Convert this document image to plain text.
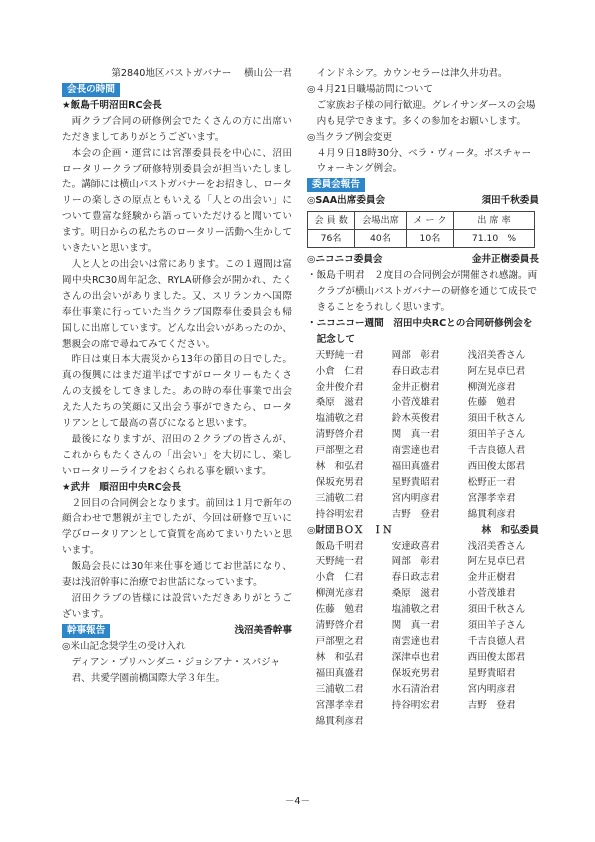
第2840地区パストガバナー　 横山公一君

会長の時間

★飯島千明沼田RC会長

両クラブ合同の研修例会でたくさんの方に出席いただきましてありがとうございます。

本会の企画・運営には宮澤委員長を中心に、沼田ロータリークラブ研修特別委員会が担当いたしました。講師には横山パストガバナーをお招きし、ロータリーの楽しさの原点ともいえる「人との出会い」について豊富な経験から語っていただけると聞いています。明日からの私たちのロータリー活動へ生かしていきたいと思います。

人と人との出会いは常にあります。この１週間は富岡中央RC30周年記念、RYLA研修会が開かれ、たくさんの出会いがありました。又、スリランカへ国際奉仕事業に行っていた当クラブ国際奉仕委員会も帰国しに出席しています。どんな出会いがあったのか、懇親会の席で尋ねてみてください。

昨日は東日本大震災から13年の節目の日でした。真の復興にはまだ道半ばですがロータリーもたくさんの支援をしてきました。あの時の奉仕事業で出会えた人たちの笑顔に又出会う事ができたら、ロータリアンとして最高の喜びになると思います。

最後になりますが、沼田の２クラブの皆さんが、これからもたくさんの「出会い」を大切にし、楽しいロータリーライフをおくられる事を願います。

★武井　順沼田中央RC会長

２回目の合同例会となります。前回は１月で新年の顔合わせで懇親が主でしたが、今回は研修で互いに学びロータリアンとして資質を高めてまいりたいと思います。

飯島会長には30年来仕事を通じてお世話になり、妻は浅沼幹事に治療でお世話になっています。

沼田クラブの皆様には設営いただきありがとうございます。

幹事報告	浅沼美香幹事

◎米山記念奨学生の受け入れ

ディアン・プリハンダニ・ジョシアナ・スパジャ君、共愛学園前橋国際大学３年生。

インドネシア。カウンセラーは津久井功君。

◎４月21日職場訪問について

ご家族お子様の同行歓迎。グレイサンダースの会場内も見学できます。多くの参加をお願いします。

◎当クラブ例会変更

４月９日18時30分、ベラ・ヴィータ。ボスチャーウォーキング例会。

委員会報告
◎SAA出席委員会	須田千秋委員
会 員 数	会場出席	メ ー ク	出 席 率
76名	40名	10名	71.10　%
◎ニコニコ委員会	金井正樹委員長

・飯島千明君　２度目の合同例会が開催され感謝。両クラブが横山パストガバナーの研修を通じて成長できることをうれしく思います。

・ニコニコー週間　沼田中央RCとの合同研修例会を記念して

天野純一君	岡部　彰君	浅沼美香さん
小倉　仁君	春日政志君	阿左見卓巳君
金井俊介君	金井正樹君	柳渕光彦君
桑原　滋君	小菅茂雄君	佐藤　勉君
塩浦敬之君	鈴木英俊君	須田千秋さん
清野啓介君	関　真一君	須田羊子さん
戸部聖之君	南雲達也君	千吉良德人君
林　和弘君	福田真盛君	西田俊太郎君
保坂充男君	星野貴昭君	松野正一君
三浦敬二君	宮内明彦君	宮澤孝幸君
持谷明宏君	吉野　登君	綿貫利彦君
◎財団ＢＯＸ　ＩＮ	林　和弘委員
飯島千明君	安達政喜君	浅沼美香さん
天野純一君	岡部　彰君	阿左見卓巳君
小倉　仁君	春日政志君	金井正樹君
柳渕光彦君	桑原　滋君	小菅茂雄君
佐藤　勉君	塩浦敬之君	須田千秋さん
清野啓介君	関　真一君	須田羊子さん
戸部聖之君	南雲達也君	千吉良德人君
林　和弘君	深津卓也君	西田俊太郎君
福田真盛君	保坂充男君	星野貴昭君
三浦敬二君	水石清治君	宮内明彦君
宮澤孝幸君	持谷明宏君	吉野　登君
綿貫利彦君
－4－
